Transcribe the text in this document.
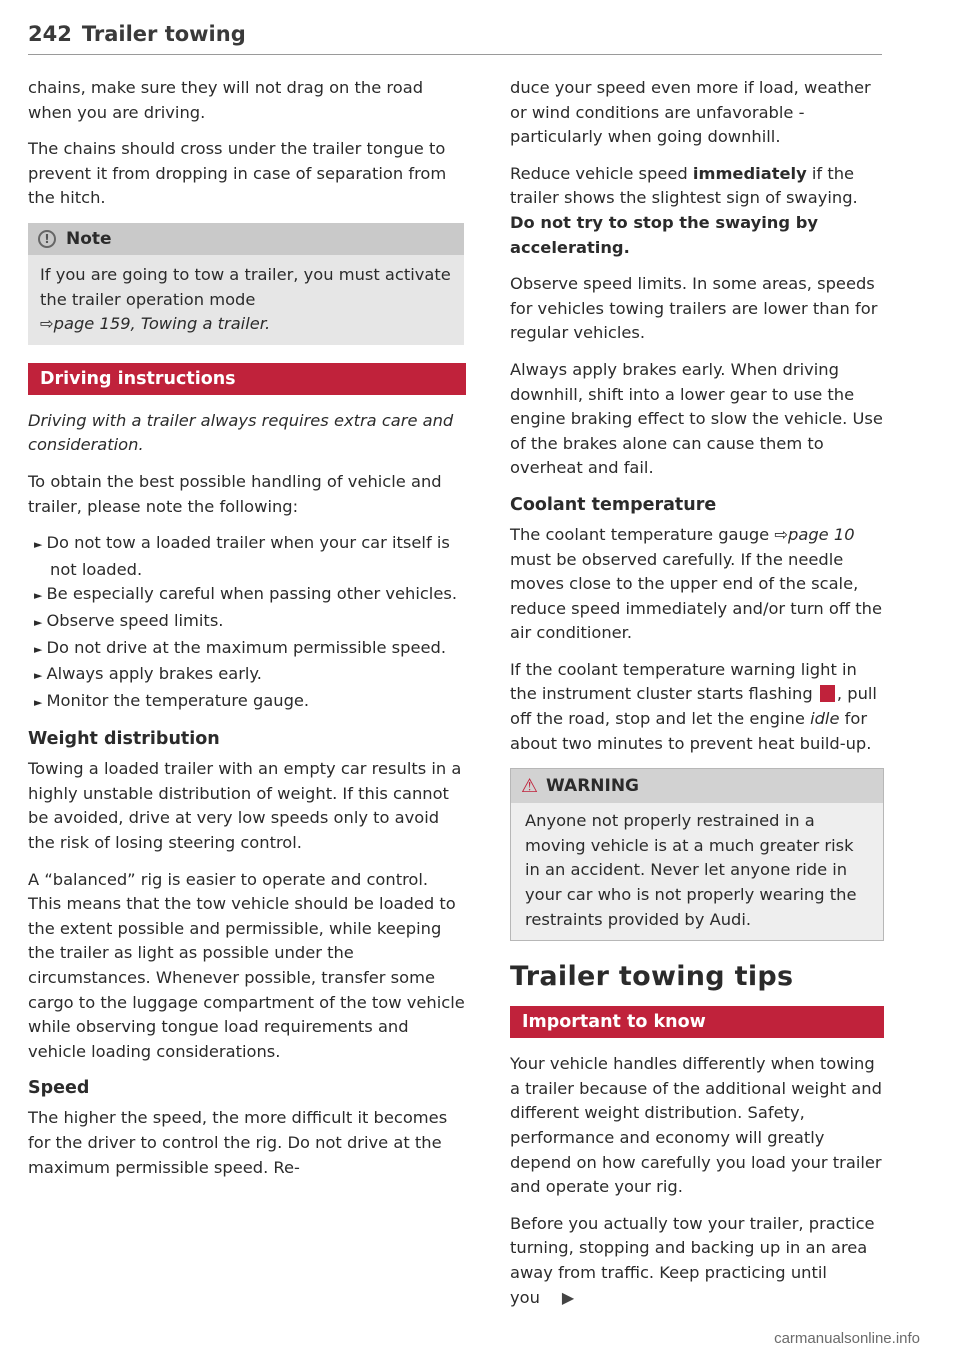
242 Trailer towing

chains, make sure they will not drag on the road when you are driving.

The chains should cross under the trailer tongue to prevent it from dropping in case of separation from the hitch.

! Note
If you are going to tow a trailer, you must activate the trailer operation mode
⇨page 159, Towing a trailer.
Driving instructions

Driving with a trailer always requires extra care and consideration.

To obtain the best possible handling of vehicle and trailer, please note the following:

► Do not tow a loaded trailer when your car itself is not loaded.
► Be especially careful when passing other vehicles.
► Observe speed limits.
► Do not drive at the maximum permissible speed.
► Always apply brakes early.
► Monitor the temperature gauge.
Weight distribution

Towing a loaded trailer with an empty car results in a highly unstable distribution of weight. If this cannot be avoided, drive at very low speeds only to avoid the risk of losing steering control.

A “balanced” rig is easier to operate and control. This means that the tow vehicle should be loaded to the extent possible and permissible, while keeping the trailer as light as possible under the circumstances. Whenever possible, transfer some cargo to the luggage compartment of the tow vehicle while observing tongue load requirements and vehicle loading considerations.

Speed

The higher the speed, the more difficult it becomes for the driver to control the rig. Do not drive at the maximum permissible speed. Re-

duce your speed even more if load, weather or wind conditions are unfavorable - particularly when going downhill.

Reduce vehicle speed immediately if the trailer shows the slightest sign of swaying. Do not try to stop the swaying by accelerating.

Observe speed limits. In some areas, speeds for vehicles towing trailers are lower than for regular vehicles.

Always apply brakes early. When driving downhill, shift into a lower gear to use the engine braking effect to slow the vehicle. Use of the brakes alone can cause them to overheat and fail.

Coolant temperature

The coolant temperature gauge ⇨page 10 must be observed carefully. If the needle moves close to the upper end of the scale, reduce speed immediately and/or turn off the air conditioner.

If the coolant temperature warning light in the instrument cluster starts flashing , pull off the road, stop and let the engine idle for about two minutes to prevent heat build-up.

⚠ WARNING
Anyone not properly restrained in a moving vehicle is at a much greater risk in an accident. Never let anyone ride in your car who is not properly wearing the restraints provided by Audi.
Trailer towing tips
Important to know

Your vehicle handles differently when towing a trailer because of the additional weight and different weight distribution. Safety, performance and economy will greatly depend on how carefully you load your trailer and operate your rig.

Before you actually tow your trailer, practice turning, stopping and backing up in an area away from traffic. Keep practicing until you ▶

carmanualsonline.info
